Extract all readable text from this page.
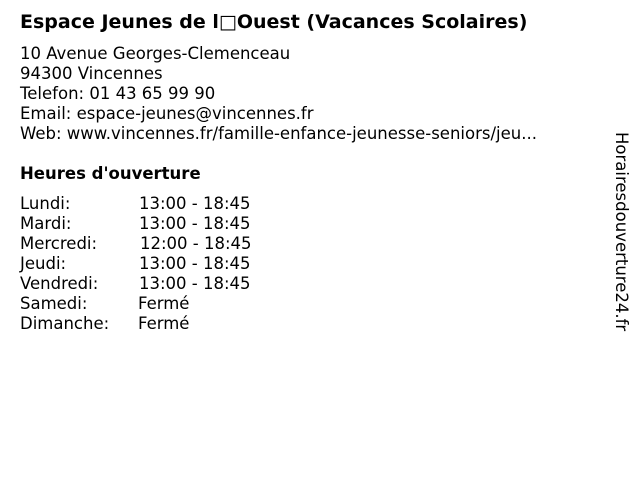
Espace Jeunes de l□Ouest (Vacances Scolaires)
10 Avenue Georges-Clemenceau
94300 Vincennes
Telefon: 01 43 65 99 90
Email: espace-jeunes@vincennes.fr
Web: www.vincennes.fr/famille-enfance-jeunesse-seniors/jeu...
Heures d'ouverture
Lundi:	13:00 - 18:45
Mardi:	13:00 - 18:45
Mercredi:	12:00 - 18:45
Jeudi:	13:00 - 18:45
Vendredi: 13:00 - 18:45
Samedi:	Fermé
Dimanche: Fermé	Horairesdouverture24.fr
